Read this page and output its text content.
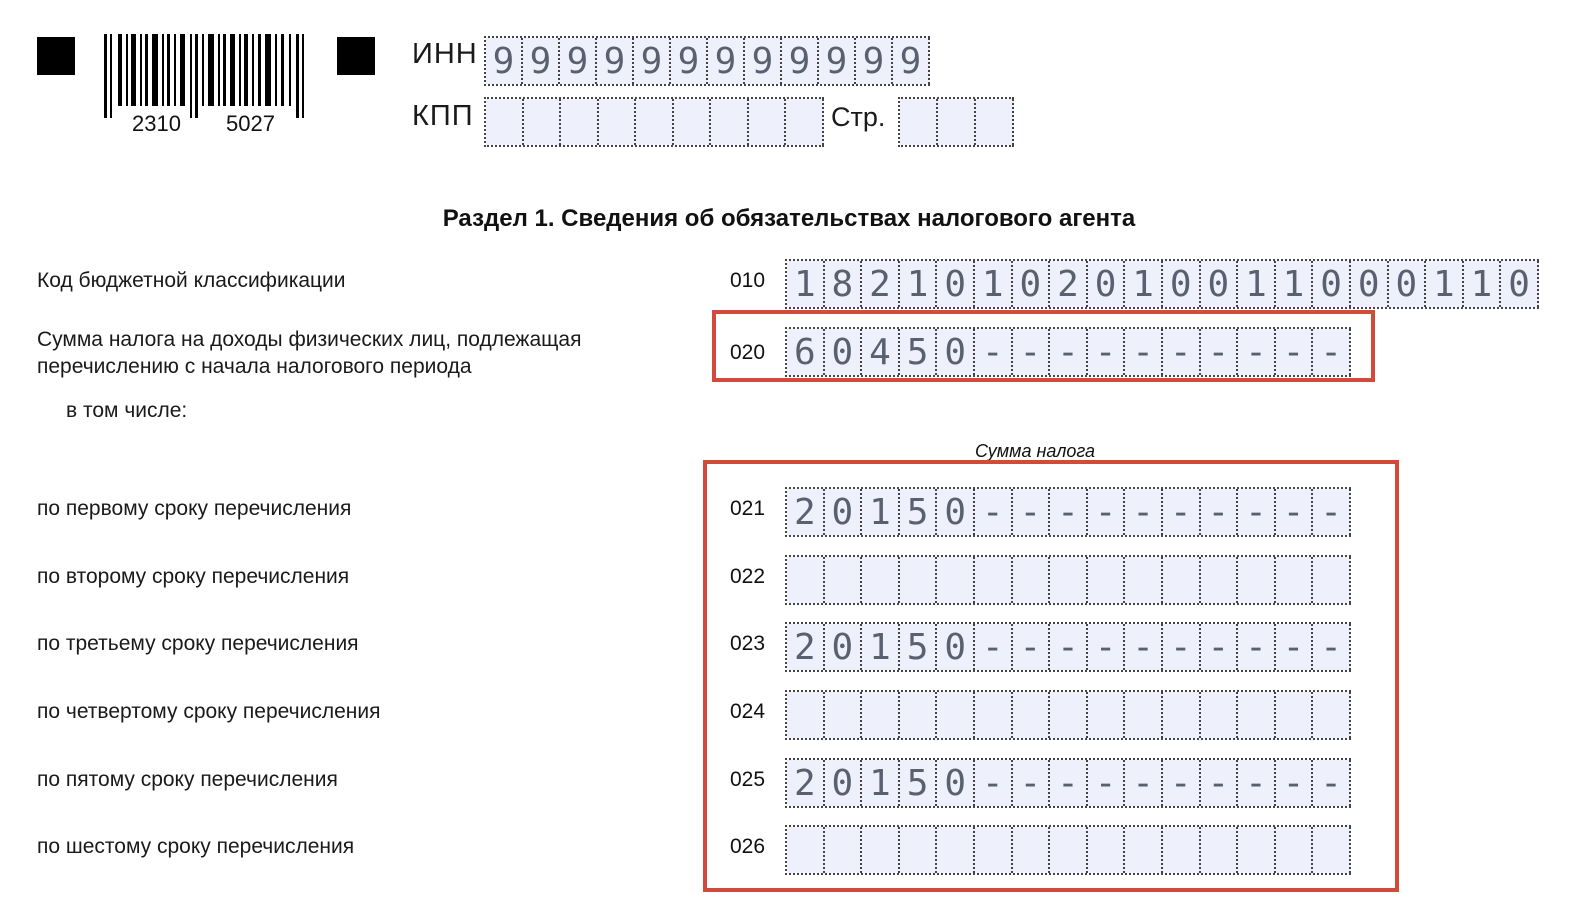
2310 5027
ИНН 9 9 9 9 9 9 9 9 9 9 9 9
КПП	Стр.
Раздел 1. Сведения об обязательствах налогового агента
Код бюджетной классификации	010 1 8 2 1 0 1 0 2 0 1 0 0 1 1 0 0 0 1 1 0
Сумма налога на доходы физических лиц, подлежащая
перечислению с начала налогового периода
020 6 0 4 5 0 - - - - - - - - - -
в том числе:
Сумма налога
по первому сроку перечисления	021 2 0 1 5 0 - - - - - - - - - -
по второму сроку перечисления	022
по третьему сроку перечисления	023 2 0 1 5 0 - - - - - - - - - -
по четвертому сроку перечисления	024
по пятому сроку перечисления	025 2 0 1 5 0 - - - - - - - - - -
по шестому сроку перечисления	026
